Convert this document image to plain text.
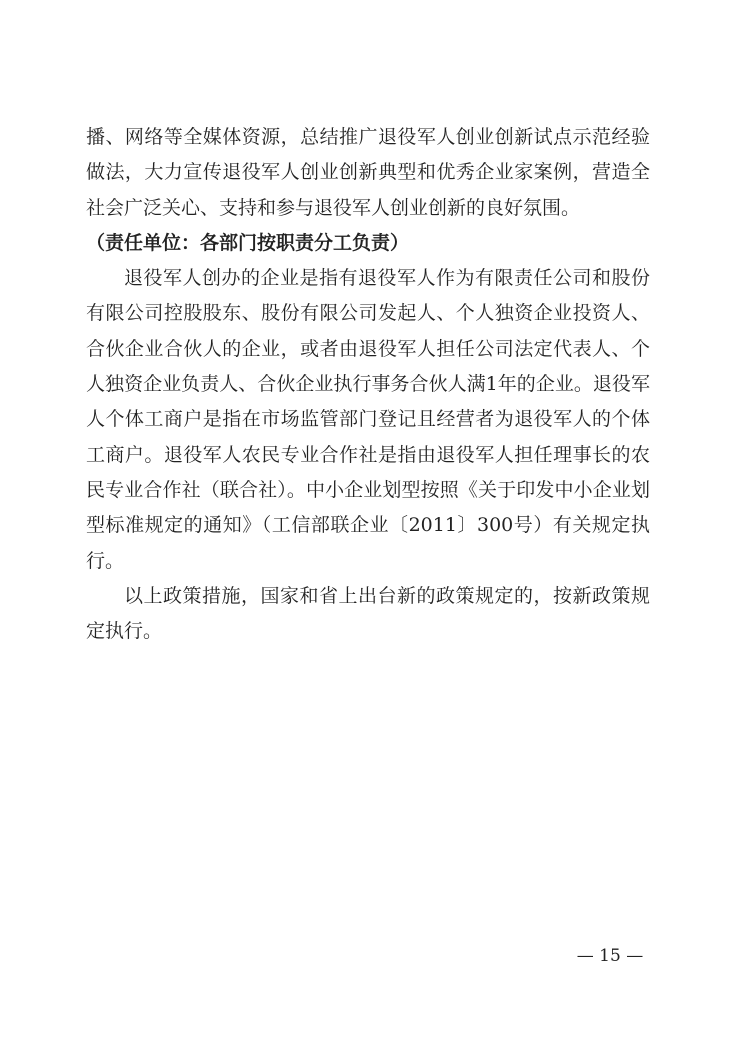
播、网络等全媒体资源，总结推广退役军人创业创新试点示范经验做法，大力宣传退役军人创业创新典型和优秀企业家案例，营造全社会广泛关心、支持和参与退役军人创业创新的良好氛围。

（责任单位：各部门按职责分工负责）

退役军人创办的企业是指有退役军人作为有限责任公司和股份有限公司控股股东、股份有限公司发起人、个人独资企业投资人、合伙企业合伙人的企业，或者由退役军人担任公司法定代表人、个人独资企业负责人、合伙企业执行事务合伙人满1年的企业。退役军人个体工商户是指在市场监管部门登记且经营者为退役军人的个体工商户。退役军人农民专业合作社是指由退役军人担任理事长的农民专业合作社（联合社）。中小企业划型按照《关于印发中小企业划型标准规定的通知》（工信部联企业〔2011〕300号）有关规定执行。

以上政策措施，国家和省上出台新的政策规定的，按新政策规定执行。

— 15 —
